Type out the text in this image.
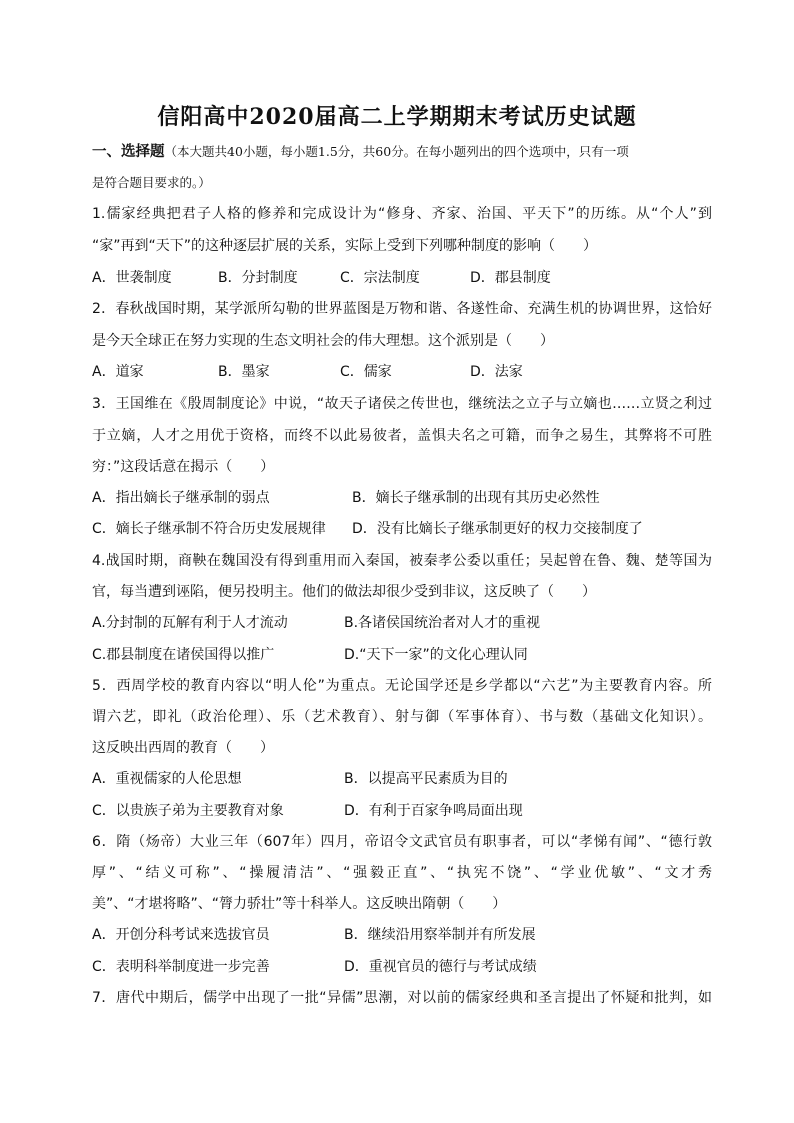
信阳高中2020届高二上学期期末考试历史试题
一、选择题（本大题共40小题，每小题1.5分，共60分。在每小题列出的四个选项中，只有一项
是符合题目要求的。）
1.儒家经典把君子人格的修养和完成设计为“修身、齐家、治国、平天下”的历练。从“个人”到
“家”再到“天下”的这种逐层扩展的关系，实际上受到下列哪种制度的影响（　　）
A．世袭制度	B．分封制度	C．宗法制度	D．郡县制度
2．春秋战国时期，某学派所勾勒的世界蓝图是万物和谐、各遂性命、充满生机的协调世界，这恰好
是今天全球正在努力实现的生态文明社会的伟大理想。这个派别是（　　）
A．道家	B．墨家	C．儒家	D．法家
3．王国维在《殷周制度论》中说，“故天子诸侯之传世也，继统法之立子与立嫡也……立贤之利过
于立嫡，人才之用优于资格，而终不以此易彼者，盖惧夫名之可籍，而争之易生，其弊将不可胜
穷：”这段话意在揭示（　　）
A．指出嫡长子继承制的弱点	B．嫡长子继承制的出现有其历史必然性
C．嫡长子继承制不符合历史发展规律 D．没有比嫡长子继承制更好的权力交接制度了
4.战国时期，商鞅在魏国没有得到重用而入秦国，被秦孝公委以重任；吴起曾在鲁、魏、楚等国为
官，每当遭到诬陷，便另投明主。他们的做法却很少受到非议，这反映了（　　）
A.分封制的瓦解有利于人才流动	B.各诸侯国统治者对人才的重视
C.郡县制度在诸侯国得以推广	D.“天下一家”的文化心理认同
5．西周学校的教育内容以“明人伦”为重点。无论国学还是乡学都以“六艺”为主要教育内容。所
谓六艺，即礼（政治伦理）、乐（艺术教育）、射与御（军事体育）、书与数（基础文化知识）。
这反映出西周的教育（　　）
A．重视儒家的人伦思想	B．以提高平民素质为目的
C．以贵族子弟为主要教育对象	D．有利于百家争鸣局面出现
6．隋（炀帝）大业三年（607年）四月，帝诏令文武官员有职事者，可以“孝悌有闻”、“德行敦
厚”、“结义可称”、“操履清洁”、“强毅正直”、“执宪不饶”、“学业优敏”、“文才秀
美”、“才堪将略”、“膂力骄壮”等十科举人。这反映出隋朝（　　）
A．开创分科考试来选拔官员	B．继续沿用察举制并有所发展
C．表明科举制度进一步完善	D．重视官员的德行与考试成绩
7．唐代中期后，儒学中出现了一批“异儒”思潮，对以前的儒家经典和圣言提出了怀疑和批判，如
